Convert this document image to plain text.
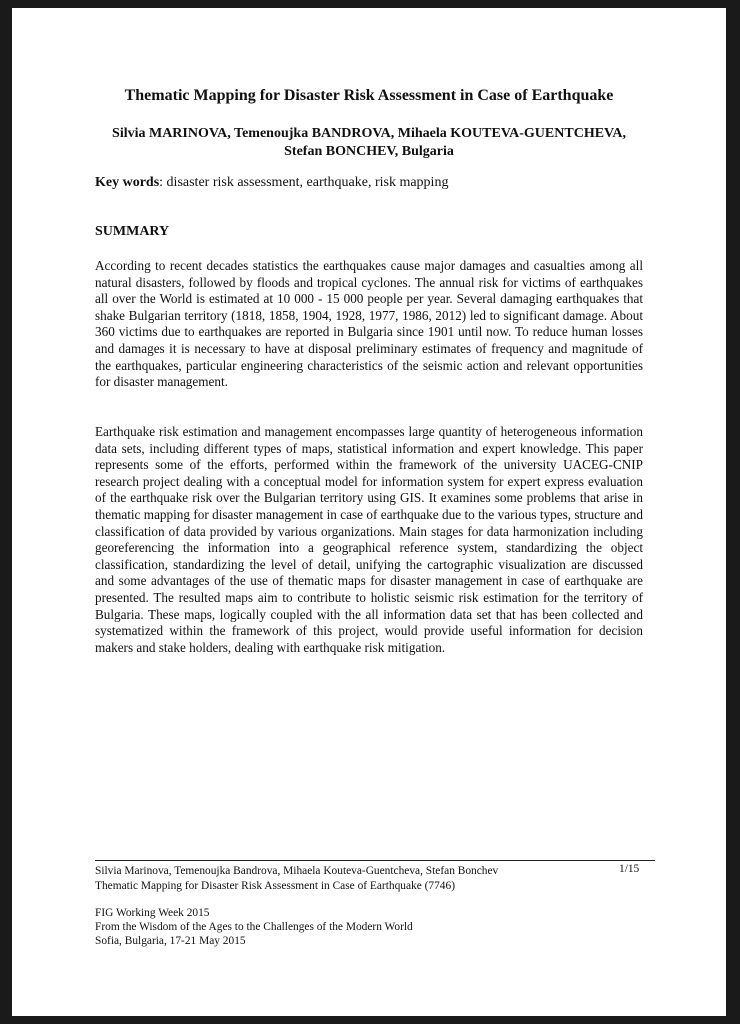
Thematic Mapping for Disaster Risk Assessment in Case of Earthquake
Silvia MARINOVA, Temenoujka BANDROVA, Mihaela KOUTEVA-GUENTCHEVA,
Stefan BONCHEV, Bulgaria
Key words: disaster risk assessment, earthquake, risk mapping
SUMMARY

According to recent decades statistics the earthquakes cause major damages and casualties among all natural disasters, followed by floods and tropical cyclones. The annual risk for victims of earthquakes all over the World is estimated at 10 000 - 15 000 people per year. Several damaging earthquakes that shake Bulgarian territory (1818, 1858, 1904, 1928, 1977, 1986, 2012) led to significant damage. About 360 victims due to earthquakes are reported in Bulgaria since 1901 until now. To reduce human losses and damages it is necessary to have at disposal preliminary estimates of frequency and magnitude of the earthquakes, particular engineering characteristics of the seismic action and relevant opportunities for disaster management.

Earthquake risk estimation and management encompasses large quantity of heterogeneous information data sets, including different types of maps, statistical information and expert knowledge. This paper represents some of the efforts, performed within the framework of the university UACEG-CNIP research project dealing with a conceptual model for information system for expert express evaluation of the earthquake risk over the Bulgarian territory using GIS. It examines some problems that arise in thematic mapping for disaster management in case of earthquake due to the various types, structure and classification of data provided by various organizations. Main stages for data harmonization including georeferencing the information into a geographical reference system, standardizing the object classification, standardizing the level of detail, unifying the cartographic visualization are discussed and some advantages of the use of thematic maps for disaster management in case of earthquake are presented. The resulted maps aim to contribute to holistic seismic risk estimation for the territory of Bulgaria. These maps, logically coupled with the all information data set that has been collected and systematized within the framework of this project, would provide useful information for decision makers and stake holders, dealing with earthquake risk mitigation.

Silvia Marinova, Temenoujka Bandrova, Mihaela Kouteva-Guentcheva, Stefan Bonchev
Thematic Mapping for Disaster Risk Assessment in Case of Earthquake (7746)
1/15
FIG Working Week 2015
From the Wisdom of the Ages to the Challenges of the Modern World
Sofia, Bulgaria, 17-21 May 2015
